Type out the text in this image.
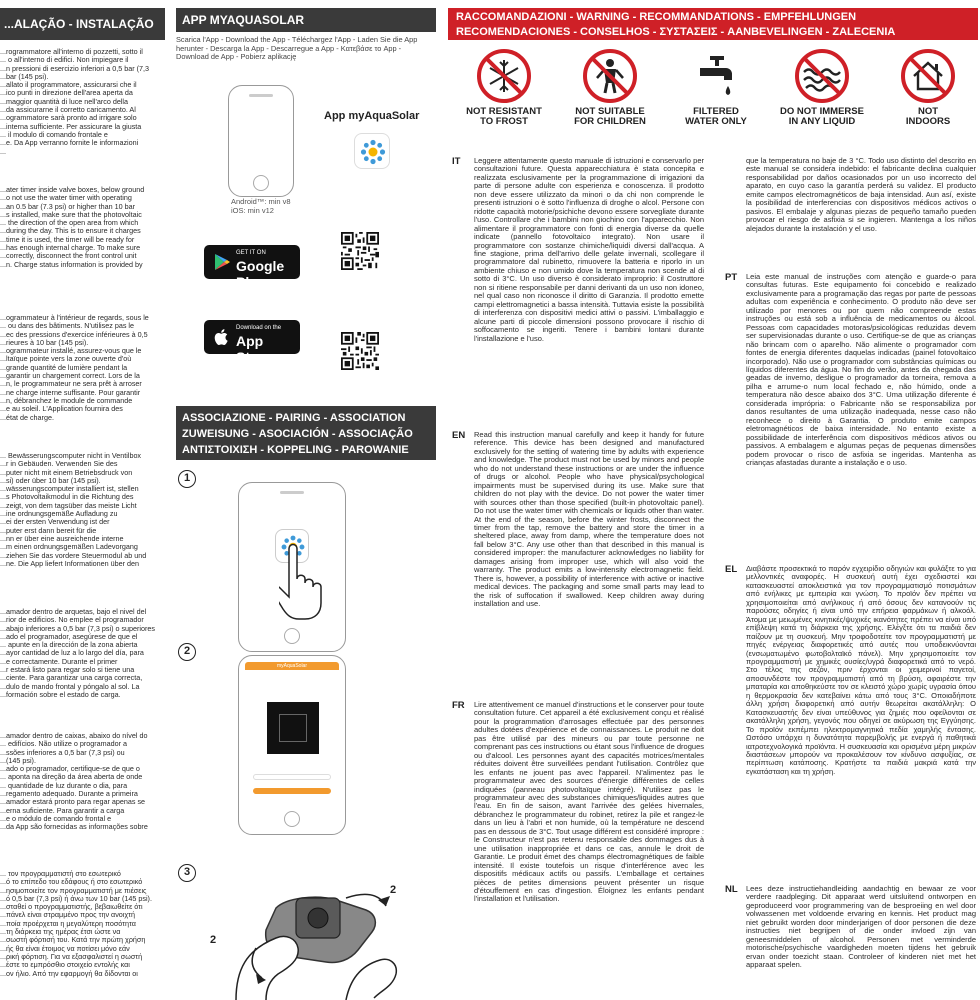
...ALAÇÃO - INSTALAÇÃO

...rogrammatore all'interno di pozzetti, sotto il

... o all'interno di edifici. Non impiegare il

...n pressioni di esercizio inferiori a 0,5 bar (7,3

...bar (145 psi).

...allato il programmatore, assicurarsi che il

...ico punti in direzione dell'area aperta da

...maggior quantità di luce nell'arco della

...da assicurarne il corretto caricamento. Al

...ogrammatore sarà pronto ad irrigare solo

...interna sufficiente. Per assicurare la giusta

... il modulo di comando frontale e

...e. Da App verranno fornite le informazioni

...

...ater timer inside valve boxes, below ground

...o not use the water timer with operating

...an 0.5 bar (7.3 psi) or higher than 10 bar

...s installed, make sure that the photovoltaic

... the direction of the open area from which

...during the day. This is to ensure it charges

...time it is used, the timer will be ready for

...has enough internal charge. To make sure

...correctly, disconnect the front control unit

...n. Charge status information is provided by

...ogrammateur à l'intérieur de regards, sous le

... ou dans des bâtiments. N'utilisez pas le

...ec des pressions d'exercice inférieures à 0,5

...rieures à 10 bar (145 psi).

...ogrammateur installé, assurez-vous que le

...ltaïque pointe vers la zone ouverte d'où

...grande quantité de lumière pendant la

...garantir un chargement correct. Lors de la

...n, le programmateur ne sera prêt à arroser

...ne charge interne suffisante. Pour garantir

...n, débranchez le module de commande

...e au soleil. L'Application fournira des

...état de charge.

... Bewässerungscomputer nicht in Ventilbox

...r in Gebäuden. Verwenden Sie des

...puter nicht mit einem Betriebsdruck von

...si) oder über 10 bar (145 psi).

...wässerungscomputer installiert ist, stellen

...s Photovoltaikmodul in die Richtung des

...zeigt, von dem tagsüber das meiste Licht

...ine ordnungsgemäße Aufladung zu

...ei der ersten Verwendung ist der

...puter erst dann bereit für die

...nn er über eine ausreichende interne

...m einen ordnungsgemäßen Ladevorgang

...ziehen Sie das vordere Steuermodul ab und

...ne. Die App liefert Informationen über den

...amador dentro de arquetas, bajo el nivel del

...rior de edificios. No emplee el programador

...abajo inferiores a 0,5 bar (7,3 psi) o superiores

...ado el programador, asegúrese de que el

... apunte en la dirección de la zona abierta

...ayor cantidad de luz a lo largo del día, para

...e correctamente. Durante el primer

...r estará listo para regar solo si tiene una

...ciente. Para garantizar una carga correcta,

...dulo de mando frontal y póngalo al sol. La

...formación sobre el estado de carga.

...amador dentro de caixas, abaixo do nível do

... edifícios. Não utilize o programador a

...ssões inferiores a 0,5 bar (7,3 psi) ou

...(145 psi).

...ado o programador, certifique-se de que o

... aponta na direção da área aberta de onde

... quantidade de luz durante o dia, para

...regamento adequado. Durante a primeira

...amador estará pronto para regar apenas se

...erna suficiente. Para garantir a carga

...e o módulo de comando frontal e

...da App são fornecidas as informações sobre

... τον προγραμματιστή στο εσωτερικό

...ό το επίπεδο του εδάφους ή στο εσωτερικό

...ησιμοποιείτε τον προγραμματιστή με πιέσεις

...ό 0,5 bar (7,3 psi) ή άνω των 10 bar (145 psi).

...σταθεί ο προγραμματιστής, βεβαιωθείτε ότι

...πάνελ είναι στραμμένο προς την ανοιχτή

...ποία προέρχεται η μεγαλύτερη ποσότητα

...τη διάρκεια της ημέρας έτσι ώστε να

...σωστή φόρτισή του. Κατά την πρώτη χρήση

...ής θα είναι έτοιμος να ποτίσει μόνο εάν

...ρική φόρτιση. Για να εξασφαλιστεί η σωστή

...έστε το εμπρόσθιο στοιχείο εντολής και

...ον ήλιο. Από την εφαρμογή θα δίδονται οι

APP MYAQUASOLAR
Scarica l'App - Download the App - Téléchargez l'App - Laden Sie die App herunter - Descarga la App - Descarregue a App - Κατεβάσε το App - Download de App - Pobierz aplikację
App myAquaSolar
Android™: min v8
iOS: min v12
GET IT ON
Google Play
Download on the
App Store
ASSOCIAZIONE - PAIRING - ASSOCIATION
ZUWEISUNG - ASOCIACIÓN - ASSOCIAÇÃO
ΑΝΤΙΣΤΟΙΧΙΣΗ - KOPPELING - PAROWANIE
1
2
myAquaSolar
3
2
2
RACCOMANDAZIONI - WARNING - RECOMMANDATIONS - EMPFEHLUNGEN
RECOMENDACIONES - CONSELHOS - ΣΥΣΤΑΣΕΙΣ - AANBEVELINGEN - ZALECENIA
NOT RESISTANT
TO FROST
NOT SUITABLE
FOR CHILDREN
FILTERED
WATER ONLY
DO NOT IMMERSE
IN ANY LIQUID
NOT
INDOORS
IT Leggere attentamente questo manuale di istruzioni e conservarlo per consultazioni future. Questa apparecchiatura è stata concepita e realizzata esclusivamente per la programmazione di irrigazioni da parte di persone adulte con esperienza e conoscenza. Il prodotto non deve essere utilizzato da minori o da chi non comprende le presenti istruzioni o è sotto l'influenza di droghe o alcol. Persone con ridotte capacità motorie/psichiche devono essere sorvegliate durante l'uso. Controllare che i bambini non giochino con l'apparecchio. Non alimentare il programmatore con fonti di energia diverse da quelle indicate (pannello fotovoltaico integrato). Non usare il programmatore con sostanze chimiche/liquidi diversi dall'acqua. A fine stagione, prima dell'arrivo delle gelate invernali, scollegare il programmatore dal rubinetto, rimuovere la batteria e riporlo in un ambiente chiuso e non umido dove la temperatura non scende al di sotto di 3°C. Un uso diverso è considerato improprio: il Costruttore non si ritiene responsabile per danni derivanti da un uso non idoneo, nel qual caso non riconosce il diritto di Garanzia. Il prodotto emette campi elettromagnetici a bassa intensità. Tuttavia esiste la possibilità di interferenza con dispositivi medici attivi o passivi. L'imballaggio e alcune parti di piccole dimensioni possono provocare il rischio di soffocamento se ingeriti. Tenere i bambini lontani durante l'installazione e l'uso.

EN Read this instruction manual carefully and keep it handy for future reference. This device has been designed and manufactured exclusively for the setting of watering time by adults with experience and knowledge. The product must not be used by minors and people who do not understand these instructions or are under the influence of drugs or alcohol. People who have physical/psychological impairments must be supervised during its use. Make sure that children do not play with the device. Do not power the water timer with sources other than those specified (built-in photovoltaic panel). Do not use the water timer with chemicals or liquids other than water. At the end of the season, before the winter frosts, disconnect the timer from the tap, remove the battery and store the timer in a sheltered place, away from damp, where the temperature does not fall below 3°C. Any use other than that described in this manual is considered improper: the manufacturer acknowledges no liability for damages arising from improper use, which will also void the warranty. The product emits a low-intensity electromagnetic field. There is, however, a possibility of interference with active or inactive medical devices. The packaging and some small parts may lead to the risk of suffocation if swallowed. Keep children away during installation and use.

FR Lire attentivement ce manuel d'instructions et le conserver pour toute consultation future. Cet appareil a été exclusivement conçu et réalisé pour la programmation d'arrosages effectuée par des personnes adultes dotées d'expérience et de connaissances. Le produit ne doit pas être utilisé par des mineurs ou par toute personne ne comprenant pas ces instructions ou étant sous l'influence de drogues ou d'alcool. Les personnes ayant des capacités motrices/mentales réduites doivent être surveillées pendant l'utilisation. Contrôlez que les enfants ne jouent pas avec l'appareil. N'alimentez pas le programmateur avec des sources d'énergie différentes de celles indiquées (panneau photovoltaïque intégré). N'utilisez pas le programmateur avec des substances chimiques/liquides autres que l'eau. En fin de saison, avant l'arrivée des gelées hivernales, débranchez le programmateur du robinet, retirez la pile et rangez-le dans un lieu à l'abri et non humide, où la température ne descend pas en dessous de 3°C. Tout usage différent est considéré impropre : le Constructeur n'est pas retenu responsable des dommages dus à une utilisation inappropriée et dans ce cas, annule le droit de Garantie. Le produit émet des champs électromagnétiques de faible intensité. Il existe toutefois un risque d'interférence avec les dispositifs médicaux actifs ou passifs. L'emballage et certaines pièces de petites dimensions peuvent présenter un risque d'étouffement en cas d'ingestion. Éloignez les enfants pendant l'installation et l'utilisation.

que la temperatura no baje de 3 °C. Todo uso distinto del descrito en este manual se considera indebido: el fabricante declina cualquier responsabilidad por daños ocasionados por un uso incorrecto del aparato, en cuyo caso la garantía perderá su validez. El producto emite campos electromagnéticos de baja intensidad. Aun así, existe la posibilidad de interferencias con dispositivos médicos activos o pasivos. El embalaje y algunas piezas de pequeño tamaño pueden provocar el riesgo de asfixia si se ingieren. Mantenga a los niños alejados durante la instalación y el uso.

PT Leia este manual de instruções com atenção e guarde-o para consultas futuras. Este equipamento foi concebido e realizado exclusivamente para a programação das regas por parte de pessoas adultas com experiência e conhecimento. O produto não deve ser utilizado por menores ou por quem não compreende estas instruções ou está sob a influência de medicamentos ou álcool. Pessoas com capacidades motoras/psicológicas reduzidas devem ser supervisionadas durante o uso. Certifique-se de que as crianças não brincam com o aparelho. Não alimente o programador com fontes de energia diferentes daquelas indicadas (painel fotovoltaico incorporado). Não use o programador com substâncias químicas ou líquidos diferentes da água. No fim do verão, antes da chegada das geadas de inverno, desligue o programador da torneira, remova a pilha e arrume-o num local fechado e, não húmido, onde a temperatura não desce abaixo dos 3°C. Uma utilização diferente é considerada imprópria: o Fabricante não se responsabiliza por danos resultantes de uma utilização inadequada, nesse caso não reconhece o direito à Garantia. O produto emite campos eletromagnéticos de baixa intensidade. No entanto existe a possibilidade de interferência com dispositivos médicos ativos ou passivos. A embalagem e algumas peças de pequenas dimensões podem provocar o risco de asfixia se ingeridas. Mantenha as crianças afastadas durante a instalação e o uso.

EL Διαβάστε προσεκτικά το παρόν εγχειρίδιο οδηγιών και φυλάξτε το για μελλοντικές αναφορές. Η συσκευή αυτή έχει σχεδιαστεί και κατασκευαστεί αποκλειστικά για τον προγραμματισμό ποτισμάτων από ενήλικες με εμπειρία και γνώση. Το προϊόν δεν πρέπει να χρησιμοποιείται από ανήλικους ή από όσους δεν κατανοούν τις παρούσες οδηγίες ή είναι υπό την επήρεια φαρμάκων ή αλκοόλ. Άτομα με μειωμένες κινητικές/ψυχικές ικανότητες πρέπει να είναι υπό επίβλεψη κατά τη διάρκεια της χρήσης. Ελέγξτε ότι τα παιδιά δεν παίζουν με τη συσκευή. Μην τροφοδοτείτε τον προγραμματιστή με πηγές ενέργειας διαφορετικές από αυτές που υποδεικνύονται (ενσωματωμένο φωτοβολταϊκό πάνελ). Μην χρησιμοποιείτε τον προγραμματιστή με χημικές ουσίες/υγρά διαφορετικά από το νερό. Στο τέλος της σεζόν, πριν έρχονται οι χειμερινοί παγετοί, αποσυνδέστε τον προγραμματιστή από τη βρύση, αφαιρέστε την μπαταρία και αποθηκεύστε τον σε κλειστό χώρο χωρίς υγρασία όπου η θερμοκρασία δεν κατεβαίνει κάτω από τους 3°C. Οποιαδήποτε άλλη χρήση διαφορετική από αυτήν θεωρείται ακατάλληλη: Ο Κατασκευαστής δεν είναι υπεύθυνος για ζημιές που οφείλονται σε ακατάλληλη χρήση, γεγονός που οδηγεί σε ακύρωση της Εγγύησης. Το προϊόν εκπέμπει ηλεκτρομαγνητικά πεδία χαμηλής έντασης. Ωστόσο υπάρχει η δυνατότητα παρεμβολής με ενεργά ή παθητικά ιατροτεχνολογικά προϊόντα. Η συσκευασία και ορισμένα μέρη μικρών διαστάσεων μπορούν να προκαλέσουν τον κίνδυνο ασφυξίας, σε περίπτωση κατάποσης. Κρατήστε τα παιδιά μακριά κατά την εγκατάσταση και τη χρήση.

NL Lees deze instructiehandleiding aandachtig en bewaar ze voor verdere raadpleging. Dit apparaat werd uitsluitend ontworpen en geproduceerd voor programmering van de besproeiing en wel door volwassenen met voldoende ervaring en kennis. Het product mag niet gebruikt worden door minderjarigen of door personen die deze instructies niet begrijpen of die onder invloed zijn van geneesmiddelen of alcohol. Personen met verminderde motorische/psychische vaardigheden moeten tijdens het gebruik ervan onder toezicht staan. Controleer of kinderen niet met het apparaat spelen.
